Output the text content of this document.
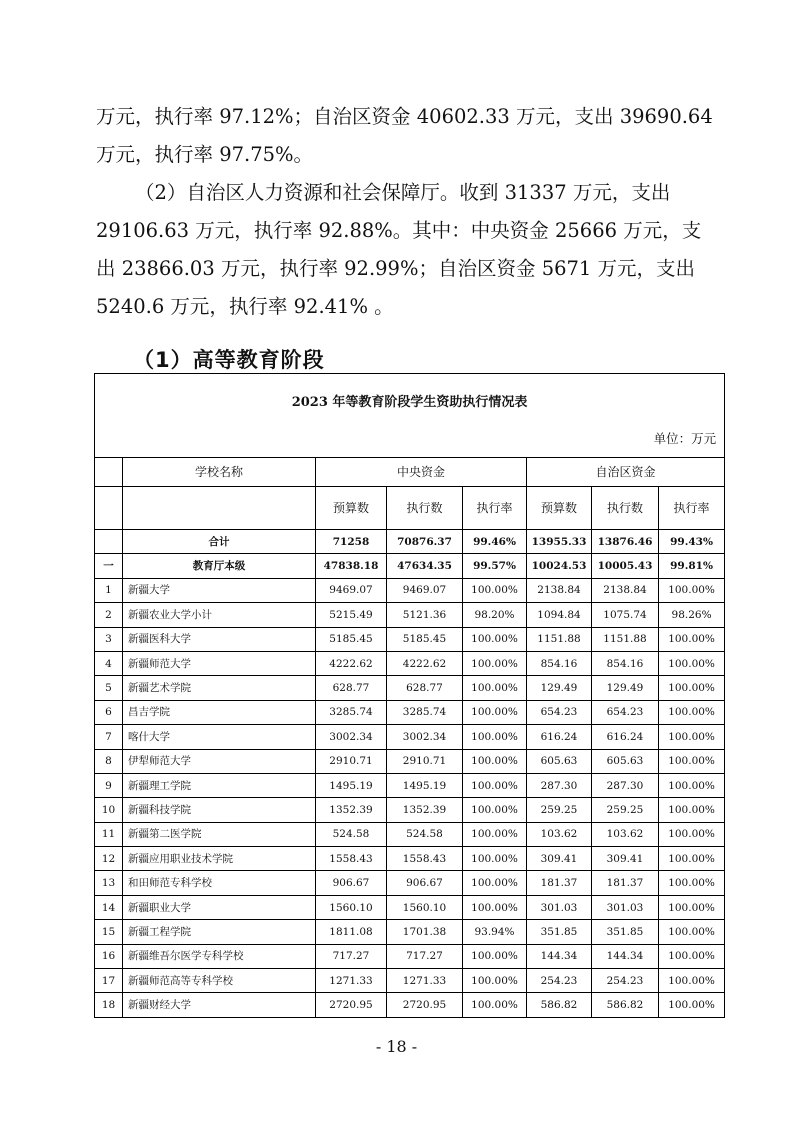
万元，执行率 97.12%；自治区资金 40602.33 万元，支出 39690.64
万元，执行率 97.75%。
（2）自治区人力资源和社会保障厅。收到 31337 万元，支出
29106.63 万元，执行率 92.88%。其中：中央资金 25666 万元，支
出 23866.03 万元，执行率 92.99%；自治区资金 5671 万元，支出
5240.6 万元，执行率 92.41% 。
（1）高等教育阶段
2023 年等教育阶段学生资助执行情况表
单位：万元							

	学校名称	中央资金			自治区资金		
		预算数	执行数	执行率	预算数	执行数	执行率
	合计	71258	70876.37	99.46%	13955.33	13876.46	99.43%
一	教育厅本级	47838.18	47634.35	99.57%	10024.53	10005.43	99.81%
1	新疆大学	9469.07	9469.07	100.00%	2138.84	2138.84	100.00%
2	新疆农业大学小计	5215.49	5121.36	98.20%	1094.84	1075.74	98.26%
3	新疆医科大学	5185.45	5185.45	100.00%	1151.88	1151.88	100.00%
4	新疆师范大学	4222.62	4222.62	100.00%	854.16	854.16	100.00%
5	新疆艺术学院	628.77	628.77	100.00%	129.49	129.49	100.00%
6	昌吉学院	3285.74	3285.74	100.00%	654.23	654.23	100.00%
7	喀什大学	3002.34	3002.34	100.00%	616.24	616.24	100.00%
8	伊犁师范大学	2910.71	2910.71	100.00%	605.63	605.63	100.00%
9	新疆理工学院	1495.19	1495.19	100.00%	287.30	287.30	100.00%
10	新疆科技学院	1352.39	1352.39	100.00%	259.25	259.25	100.00%
11	新疆第二医学院	524.58	524.58	100.00%	103.62	103.62	100.00%
12	新疆应用职业技术学院	1558.43	1558.43	100.00%	309.41	309.41	100.00%
13	和田师范专科学校	906.67	906.67	100.00%	181.37	181.37	100.00%
14	新疆职业大学	1560.10	1560.10	100.00%	301.03	301.03	100.00%
15	新疆工程学院	1811.08	1701.38	93.94%	351.85	351.85	100.00%
16	新疆维吾尔医学专科学校	717.27	717.27	100.00%	144.34	144.34	100.00%
17	新疆师范高等专科学校	1271.33	1271.33	100.00%	254.23	254.23	100.00%
18	新疆财经大学	2720.95	2720.95	100.00%	586.82	586.82	100.00%
- 18 -
